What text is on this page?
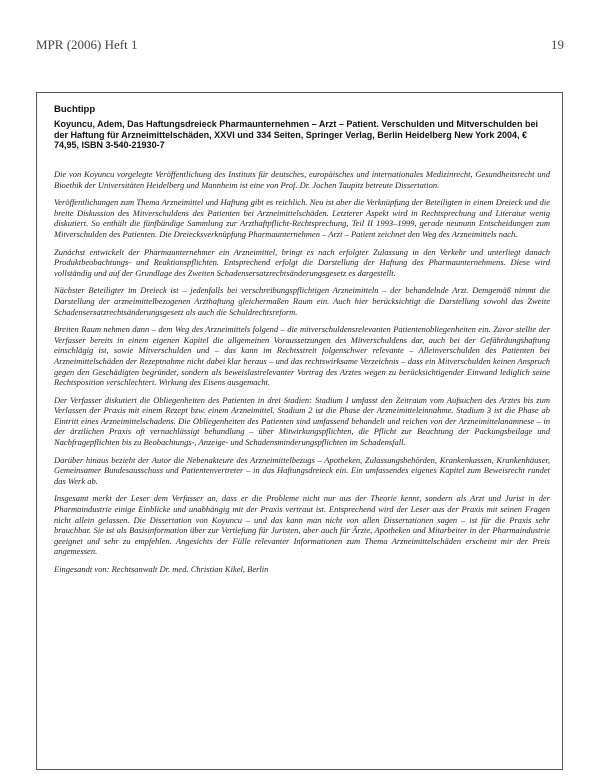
MPR (2006) Heft 1	19
Buchtipp
Koyuncu, Adem, Das Haftungsdreieck Pharmaunternehmen – Arzt – Patient. Verschulden und Mitverschulden bei der Haftung für Arzneimittelschäden, XXVI und 334 Seiten, Springer Verlag, Berlin Heidelberg New York 2004, € 74,95, ISBN 3-540-21930-7

Die von Koyuncu vorgelegte Veröffentlichung des Instituts für deutsches, europäisches und internationales Medizinrecht, Gesundheitsrecht und Bioethik der Universitäten Heidelberg und Mannheim ist eine von Prof. Dr. Jochen Taupitz betreute Dissertation.

Veröffentlichungen zum Thema Arzneimittel und Haftung gibt es reichlich. Neu ist aber die Verknüpfung der Beteiligten in einem Dreieck und die breite Diskussion des Mitverschuldens des Patienten bei Arzneimittelschäden. Letzterer Aspekt wird in Rechtsprechung und Literatur wenig diskutiert. So enthält die fünfbändige Sammlung zur Arzthaftpflicht-Rechtsprechung, Teil II 1993–1999, gerade neununn Entscheidungen zum Mitverschulden des Patienten. Die Dreiecksverknüpfung Pharmaunternehmen – Arzt – Patient zeichnet den Weg des Arzneimittels nach.

Zunächst entwickelt der Pharmaunternehmer ein Arzneimittel, bringt es nach erfolgter Zulassung in den Verkehr und unterliegt danach Produktbeobachtungs- und Reaktionspflichten. Entsprechend erfolgt die Darstellung der Haftung des Pharmaunternehmens. Diese wird vollständig und auf der Grundlage des Zweiten Schadensersatzrechtsänderungsgesetz es dargestellt.

Nächster Beteiligter im Dreieck ist – jedenfalls bei verschreibungspflichtigen Arzneimitteln – der behandelnde Arzt. Demgemäß nimmt die Darstellung der arzneimittelbezogenen Arzthaftung gleichermaßen Raum ein. Auch hier berücksichtigt die Darstellung sowohl das Zweite Schadensersatzrechtsänderungsgesetz als auch die Schuldrechtsreform.

Breiten Raum nehmen dann – dem Weg des Arzneimittels folgend – die mitverschuldensrelevanten Patientenobliegenheiten ein. Zuvor stellte der Verfasser bereits in einem eigenen Kapitel die allgemeinen Voraussetzungen des Mitverschuldens dar, auch bei der Gefährdungshaftung einschlägig ist, sowie Mitverschulden und – das kann im Rechtsstreit folgenschwer relevante – Alleinverschulden des Patienten bei Arzneimittelschäden der Rezeptnahme nicht dabei klar heraus – und das rechtswirksame Verzeichnis – dass ein Mitverschulden keinen Anspruch gegen den Geschädigten begründet, sondern als beweislastrelevanter Vortrag des Arztes wegen zu berücksichtigender Einwand lediglich seine Rechtsposition verschlechtert. Wirkung des Eisens ausgemacht.

Der Verfasser diskutiert die Obliegenheiten des Patienten in drei Stadien: Stadium I umfasst den Zeitraum vom Aufsuchen des Arztes bis zum Verlassen der Praxis mit einem Rezept bzw. einem Arzneimittel. Stadium 2 ist die Phase der Arzneimitteleinnahme. Stadium 3 ist die Phase ab Eintritt eines Arzneimittelschadens. Die Obliegenheiten des Patienten sind umfassend behandelt und reichen von der Arzneimittelanamnese – in der ärztlichen Praxis oft vernachlässigt behandlung – über Mitwirkungspflichten, die Pflicht zur Beachtung der Packungsbeilage und Nachfragepflichten bis zu Beobachtungs-, Anzeige- und Schadensminderungspflichten im Schadensfall.

Darüber hinaus bezieht der Autor die Nebenakteure des Arzneimittelbezugs – Apotheken, Zulassungsbehörden, Krankenkassen, Krankenhäuser, Gemeinsamer Bundesausschuss und Patientenvertreter – in das Haftungsdreieck ein. Ein umfassendes eigenes Kapitel zum Beweisrecht rundet das Werk ab.

Insgesamt merkt der Leser dem Verfasser an, dass er die Probleme nicht nur aus der Theorie kennt, sondern als Arzt und Jurist in der Pharmaindustrie einige Einblicke und unabhängig mit der Praxis vertraut ist. Entsprechend wird der Leser aus der Praxis mit seinen Fragen nicht allein gelassen. Die Dissertation von Koyuncu – und das kann man nicht von allen Dissertationen sagen – ist für die Praxis sehr brauchbar. Sie ist als Basisinformation über zur Vertiefung für Juristen, aber auch für Ärzte, Apotheken und Mitarbeiter in der Pharmaindustrie geeignet und sehr zu empfehlen. Angesichts der Fülle relevanter Informationen zum Thema Arzneimittelschäden erscheint mir der Preis angemessen.

Eingesandt von: Rechtsanwalt Dr. med. Christian Kikel, Berlin
